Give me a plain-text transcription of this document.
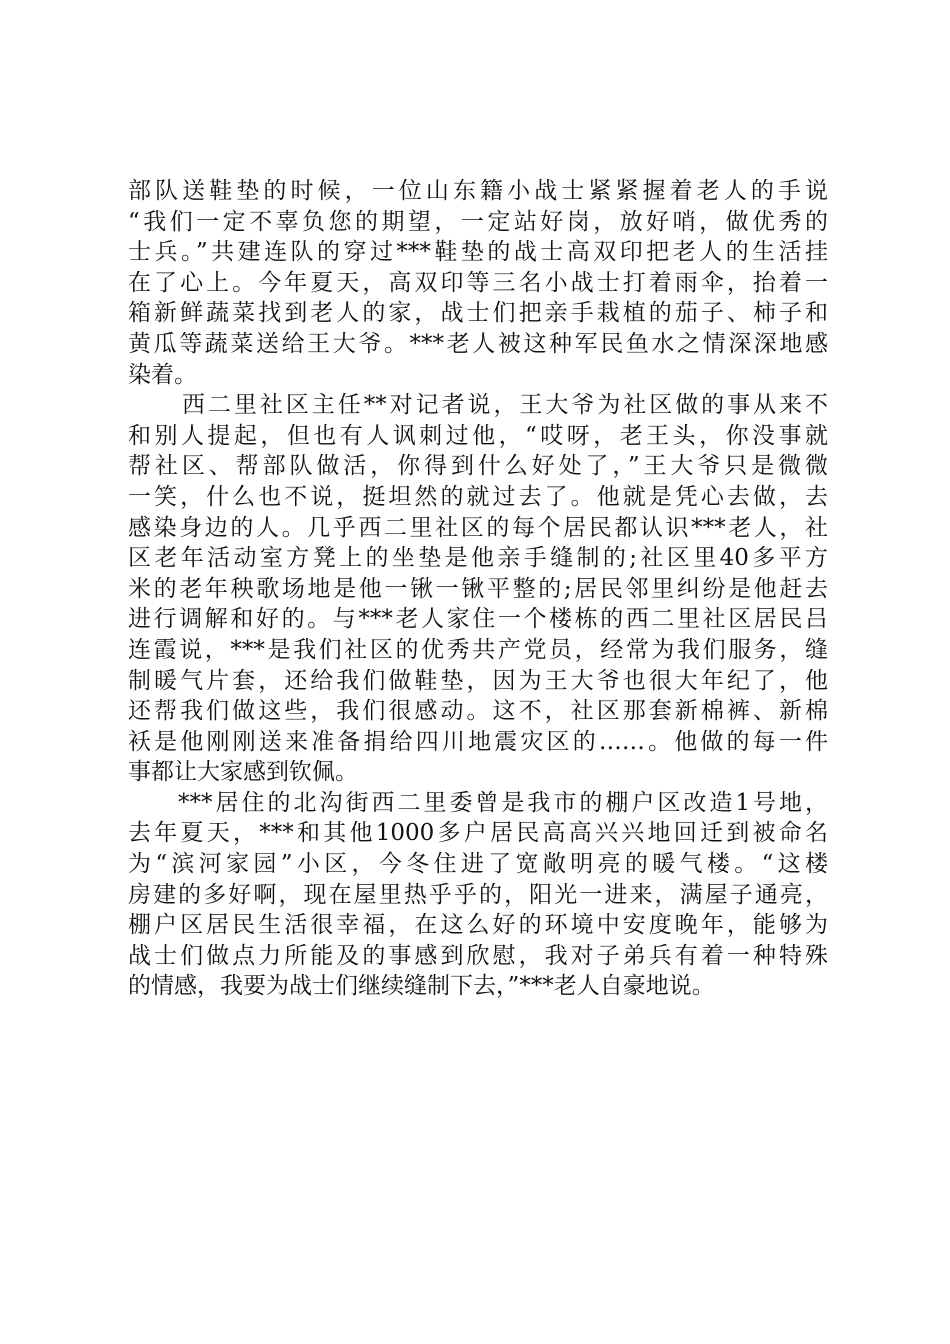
部队送鞋垫的时候，一位山东籍小战士紧紧握着老人的手说
“我们一定不辜负您的期望，一定站好岗，放好哨，做优秀的
士兵。”共建连队的穿过***鞋垫的战士高双印把老人的生活挂
在了心上。今年夏天，高双印等三名小战士打着雨伞，抬着一
箱新鲜蔬菜找到老人的家，战士们把亲手栽植的茄子、柿子和
黄瓜等蔬菜送给王大爷。***老人被这种军民鱼水之情深深地感
染着。

西二里社区主任**对记者说，王大爷为社区做的事从来不
和别人提起，但也有人讽刺过他，“哎呀，老王头，你没事就
帮社区、帮部队做活，你得到什么好处了，”王大爷只是微微
一笑，什么也不说，挺坦然的就过去了。他就是凭心去做，去
感染身边的人。几乎西二里社区的每个居民都认识***老人，社
区老年活动室方凳上的坐垫是他亲手缝制的;社区里40多平方
米的老年秧歌场地是他一锹一锹平整的;居民邻里纠纷是他赶去
进行调解和好的。与***老人家住一个楼栋的西二里社区居民吕
连霞说，***是我们社区的优秀共产党员，经常为我们服务，缝
制暖气片套，还给我们做鞋垫，因为王大爷也很大年纪了，他
还帮我们做这些，我们很感动。这不，社区那套新棉裤、新棉
袄是他刚刚送来准备捐给四川地震灾区的……。他做的每一件
事都让大家感到钦佩。

***居住的北沟街西二里委曾是我市的棚户区改造1号地，
去年夏天，***和其他1000多户居民高高兴兴地回迁到被命名
为“滨河家园”小区，今冬住进了宽敞明亮的暖气楼。“这楼
房建的多好啊，现在屋里热乎乎的，阳光一进来，满屋子通亮，
棚户区居民生活很幸福，在这么好的环境中安度晚年，能够为
战士们做点力所能及的事感到欣慰，我对子弟兵有着一种特殊
的情感，我要为战士们继续缝制下去，”***老人自豪地说。
